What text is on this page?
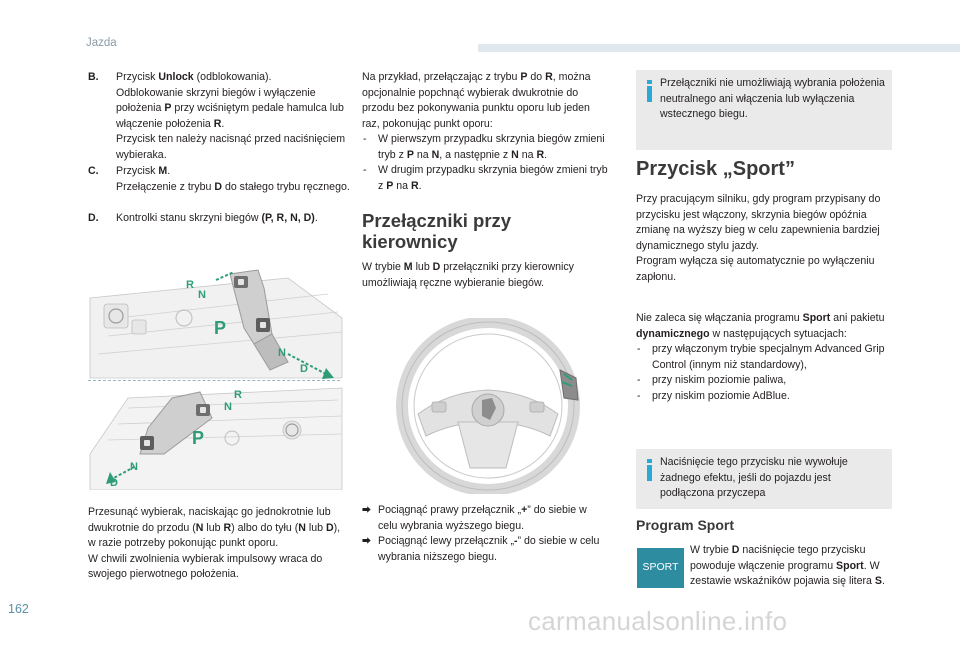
Jazda
B. Przycisk Unlock (odblokowania).
Odblokowanie skrzyni biegów i wyłączenie położenia P przy wciśniętym pedale hamulca lub włączenie położenia R.
Przycisk ten należy nacisnąć przed naciśnięciem wybieraka.
C. Przycisk M.
Przełączenie z trybu D do stałego trybu ręcznego.
D. Kontrolki stanu skrzyni biegów (P, R, N, D).
P
R
N
N
D
P
R
N
N
D
Przesunąć wybierak, naciskając go jednokrotnie lub dwukrotnie do przodu (N lub R) albo do tyłu (N lub D), w razie potrzeby pokonując punkt oporu.
W chwili zwolnienia wybierak impulsowy wraca do swojego pierwotnego położenia.
Na przykład, przełączając z trybu P do R, można opcjonalnie popchnąć wybierak dwukrotnie do przodu bez pokonywania punktu oporu lub jeden raz, pokonując punkt oporu:
- W pierwszym przypadku skrzynia biegów zmieni tryb z P na N, a następnie z N na R.
- W drugim przypadku skrzynia biegów zmieni tryb z P na R.
Przełączniki przy
kierownicy
W trybie M lub D przełączniki przy kierownicy umożliwiają ręczne wybieranie biegów.
⮕ Pociągnąć prawy przełącznik „+” do siebie w celu wybrania wyższego biegu.
⮕ Pociągnąć lewy przełącznik „-” do siebie w celu wybrania niższego biegu.
Przełączniki nie umożliwiają wybrania położenia neutralnego ani włączenia lub wyłączenia wstecznego biegu.
Przycisk „Sport”
Przy pracującym silniku, gdy program przypisany do przycisku jest włączony, skrzynia biegów opóźnia zmianę na wyższy bieg w celu zapewnienia bardziej dynamicznego stylu jazdy.
Program wyłącza się automatycznie po wyłączeniu zapłonu.
Nie zaleca się włączania programu Sport ani pakietu dynamicznego w następujących sytuacjach:
- przy włączonym trybie specjalnym Advanced Grip Control (innym niż standardowy),
- przy niskim poziomie paliwa,
- przy niskim poziomie AdBlue.
Naciśnięcie tego przycisku nie wywołuje żadnego efektu, jeśli do pojazdu jest podłączona przyczepa
Program Sport
SPORT
W trybie D naciśnięcie tego przycisku powoduje włączenie programu Sport. W zestawie wskaźników pojawia się litera S.
162	carmanualsonline.info
